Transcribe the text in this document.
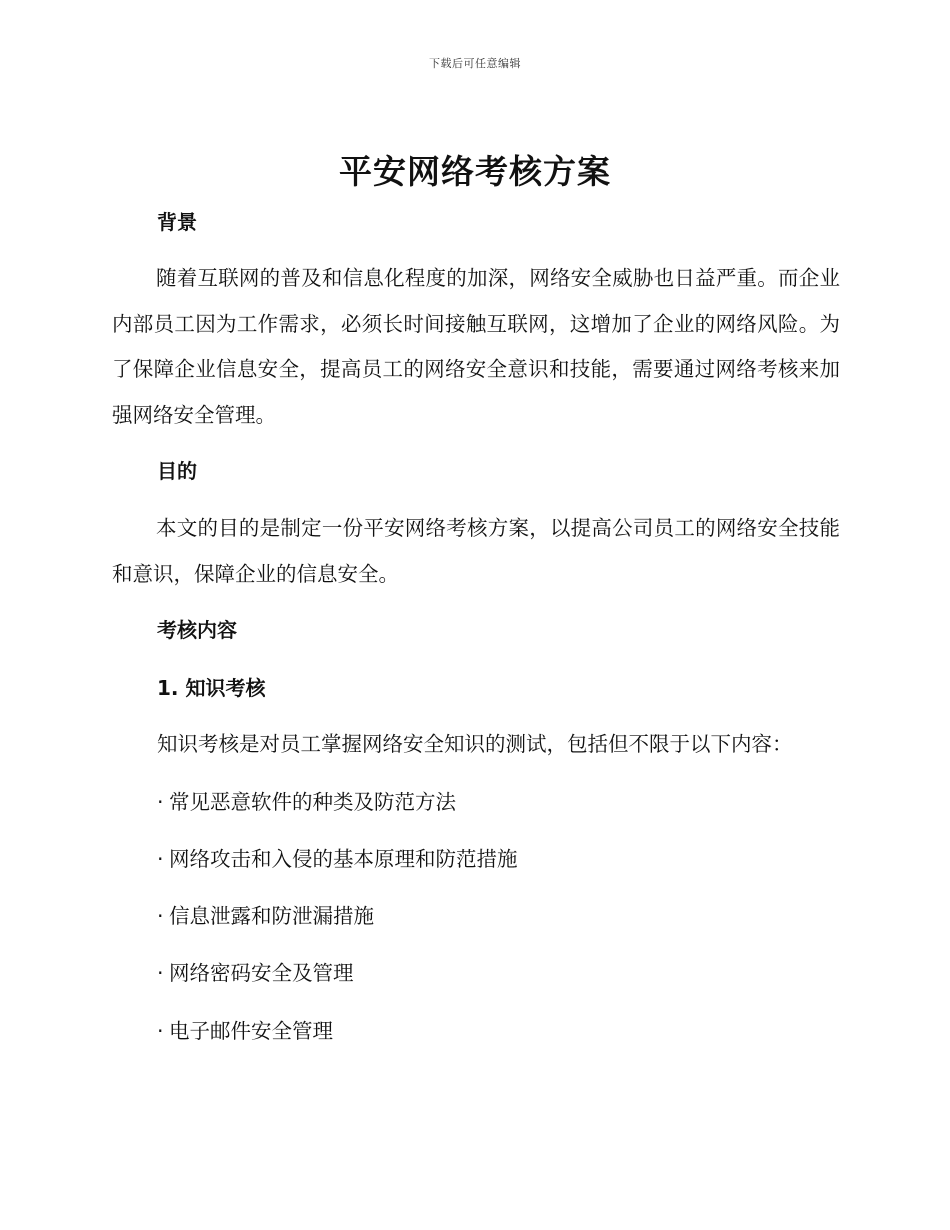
下载后可任意编辑
平安网络考核方案
背景

随着互联网的普及和信息化程度的加深，网络安全威胁也日益严重。而企业内部员工因为工作需求，必须长时间接触互联网，这增加了企业的网络风险。为了保障企业信息安全，提高员工的网络安全意识和技能，需要通过网络考核来加强网络安全管理。

目的

本文的目的是制定一份平安网络考核方案，以提高公司员工的网络安全技能和意识，保障企业的信息安全。

考核内容
1. 知识考核

知识考核是对员工掌握网络安全知识的测试，包括但不限于以下内容：

· 常见恶意软件的种类及防范方法
· 网络攻击和入侵的基本原理和防范措施
· 信息泄露和防泄漏措施
· 网络密码安全及管理
· 电子邮件安全管理
